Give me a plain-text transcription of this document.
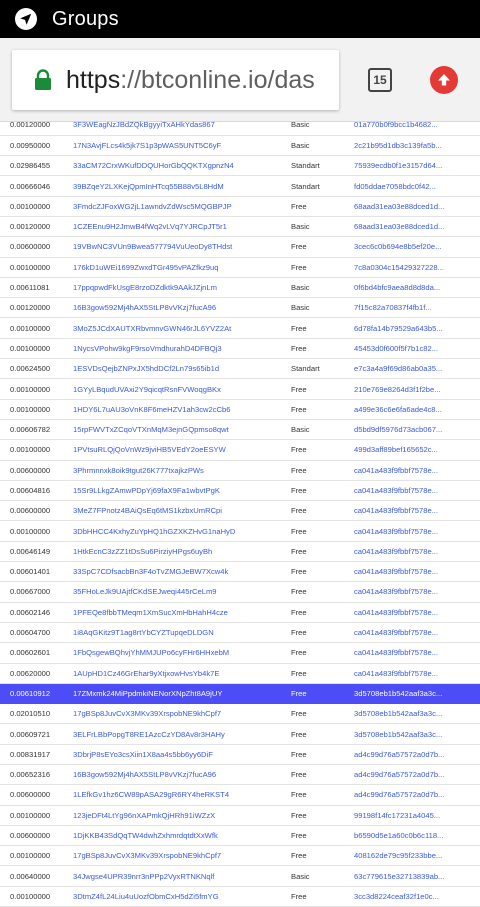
Groups
https://btconline.io/das	15
0.00120000	3F3WEagNzJBdZQkBgyyiTxAHkYdas867	Basic	01a770b0f9bcc1b4682...
0.00950000	17N3AvjFLcs4k5jk7S1p3pWAS5UNT5C6yF	Basic	2c21b95d1db3c139fa5b...
0.02986455	33aCM72CrxWKufDDQUHorGbQQKTXgpnzN4	Standart	75939ecdb0f1e3157d64...
0.00666046	39BZqeY2LXKejQpmInHTcq55B88v5L8HdM	Standart	fd05ddae7058bdc0f42...
0.00100000	3FmdcZJFoxWG2jL1awndvZdWsc5MQGBPJP	Free	68aad31ea03e88dced1d...
0.00120000	1CZEEnu9H2JmwB4fWq2vLVq7YJRCpJT5r1	Basic	68aad31ea03e88dced1d...
0.00600000	19VBwNC3VUn9Bwea577794VuUeoDy8THdst	Free	3cec6c0b694e8b5ef20e...
0.00100000	176kD1uWEi1699ZwxdTGr495vPAZfkz9uq	Free	7c8a0304c15429327228...
0.00611081	17ppqpwdFkUsgE8rzoDZdktk9AAkJZjnLm	Basic	0f6bd4bfc9aea8d8d8da...
0.00120000	16B3gow592Mj4hAX5StLP8vVKzj7fucA96	Basic	7f15c82a70837f4fb1f...
0.00100000	3MoZ5JCdXAUTXRbvmnvGWN46rJL6YVZ2At	Free	6d78fa14b79529a643b5...
0.00100000	1NycsVPohw9kgF9rsoVmdhurahD4DFBQj3	Free	45453d0f600f5f7b1c82...
0.00624500	1ESVDsQejbZNPxJX5hdDCf2Ln79s65ib1d	Standart	e7c3a4a9f69d86ab0a35...
0.00100000	1GYyLBqudUVAxi2Y9qicqtRsnFVWoqgBKx	Free	210e769e8264d3f1f2be...
0.00100000	1HDY6L7uAU3oVnK8F6meHZV1ah3cw2cCb6	Free	a499e36c6e6fa6ade4c8...
0.00606782	15rpFWVTxZCqoVTXnMqM3ejnGQpmso8qwt	Basic	d5bd9df5976d73acb067...
0.00100000	1PVtsuRLQjQoVnWz9jviHB5VEdY2oeESYW	Free	499d3aff89bef165652c...
0.00600000	3Phrmnnxk8oik9tgut26K777txajkzPWs	Free	ca041a483f9fbbf7578e...
0.00604816	15Sr9LLkgZAmwPDpYj69faX9Fa1wbvtPgK	Free	ca041a483f9fbbf7578e...
0.00600000	3MeZ7FPnotz4BAiQsEq6tMS1kzbxUmRCpi	Free	ca041a483f9fbbf7578e...
0.00100000	3DbHHCC4KxhyZuYpHQ1hGZXKZHvG1naHyD	Free	ca041a483f9fbbf7578e...
0.00646149	1HtkEcnC3zZZ1tDsSu6PirziyHPgs6uyBh	Free	ca041a483f9fbbf7578e...
0.00601401	33SpC7CDfsacbBn3F4oTvZMGJeBW7Xcw4k	Free	ca041a483f9fbbf7578e...
0.00667000	35FHoLeJk9UAjtfCKdSEJweqi445rCeLm9	Free	ca041a483f9fbbf7578e...
0.00602146	1PFEQe8fbbTMeqm1XmSucXmHbHahH4cze	Free	ca041a483f9fbbf7578e...
0.00604700	1i8AqGKitz9T1ag8rtYbCYZTupqeDLDGN	Free	ca041a483f9fbbf7578e...
0.00602601	1FbQsgewBQhvjYhMMJUPo6cyFHr6HHxebM	Free	ca041a483f9fbbf7578e...
0.00620000	1AUpHD1Cz46GrEhar9yXtjxowHvsYb4k7E	Free	ca041a483f9fbbf7578e...
0.00610912	17ZMxmk24MiPpdmkiNENorXNpZht8A9jUY	Free	3d5708eb1b542aaf3a3c...
0.02010510	17gBSp8JuvCvX3MKv39XrspobNE9khCpf7	Free	3d5708eb1b542aaf3a3c...
0.00609721	3ELFrLBbPopgT8RE1AzcCzYD8Av8r3HAHy	Free	3d5708eb1b542aaf3a3c...
0.00831917	3DbrjP8sEYo3csXiin1X8aa4s5bb6yy6DiF	Free	ad4c99d76a57572a0d7b...
0.00652316	16B3gow592Mj4hAX5StLP8vVKzj7fucA96	Free	ad4c99d76a57572a0d7b...
0.00600000	1LEfkGv1hz6CW89pASA29gR6RY4heRKST4	Free	ad4c99d76a57572a0d7b...
0.00100000	123jeDFt4LtYg96nXAPmkQjHRh91iWZzX	Free	99198f14fc17231a4045...
0.00600000	1DjKKB43SdQqTW4dwhZxhmrdqtdtXxWfk	Free	b6590d5e1a60c0b6c118...
0.00100000	17gBSp8JuvCvX3MKv39XrspobNE9khCpf7	Free	408162de79c95f233bbe...
0.00640000	34Jwgse4UPR39nrr3nPPp2VyxRTNKNqlf	Basic	63c779615e32713839ab...
0.00100000	3DtmZ4fL24Liu4uUozfObmCxH5dZi5fmYG	Free	3cc3d8224ceaf32f1e0c...
